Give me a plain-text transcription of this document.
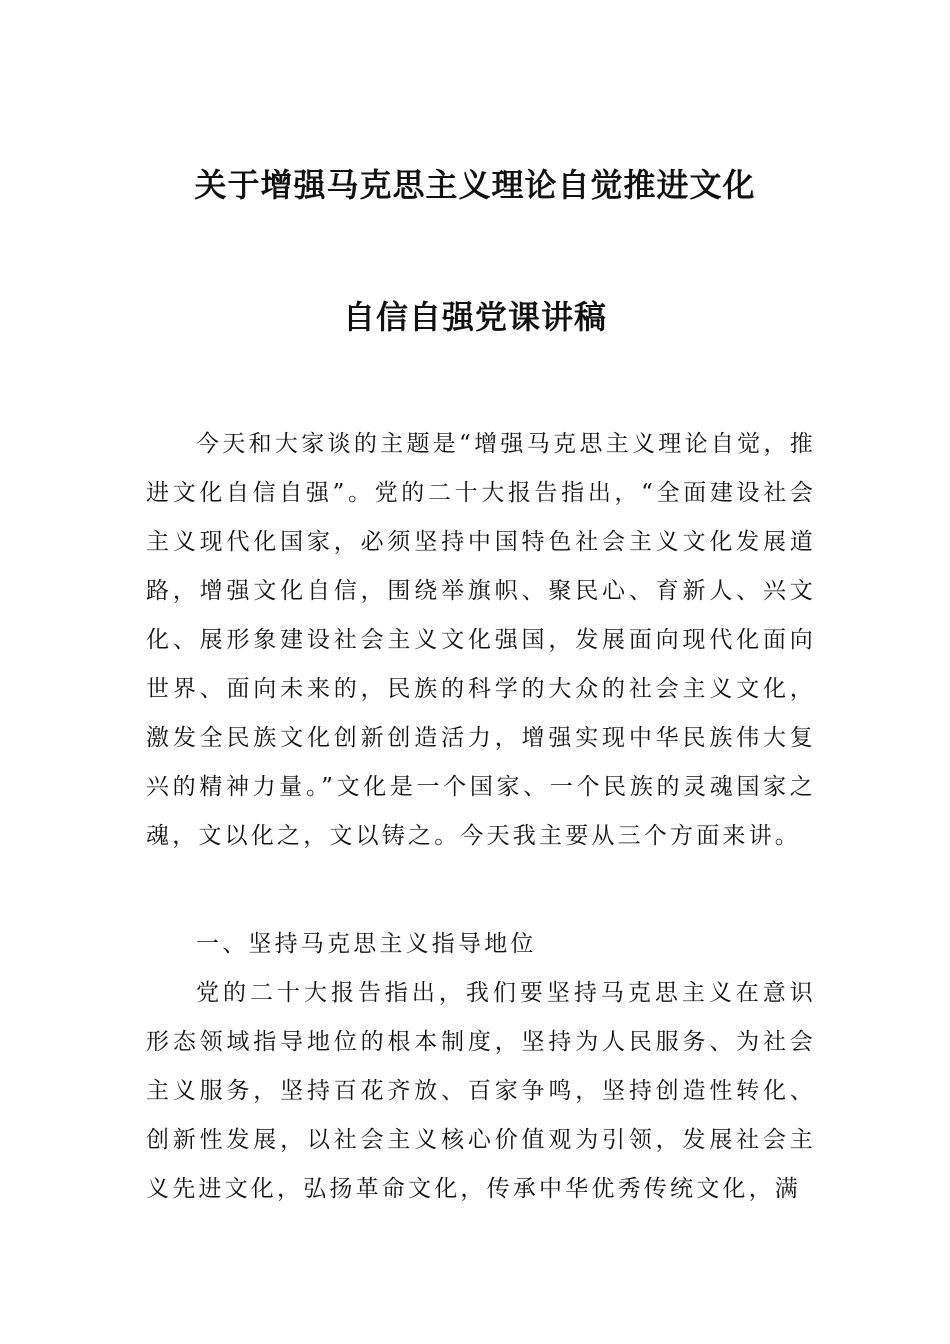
关于增强马克思主义理论自觉推进文化
自信自强党课讲稿
今天和大家谈的主题是“增强马克思主义理论自觉，推进文化自信自强”。党的二十大报告指出，“全面建设社会主义现代化国家，必须坚持中国特色社会主义文化发展道路，增强文化自信，围绕举旗帜、聚民心、育新人、兴文化、展形象建设社会主义文化强国，发展面向现代化面向世界、面向未来的，民族的科学的大众的社会主义文化，激发全民族文化创新创造活力，增强实现中华民族伟大复兴的精神力量。”文化是一个国家、一个民族的灵魂国家之魂，文以化之，文以铸之。今天我主要从三个方面来讲。
一、坚持马克思主义指导地位
党的二十大报告指出，我们要坚持马克思主义在意识形态领域指导地位的根本制度，坚持为人民服务、为社会主义服务，坚持百花齐放、百家争鸣，坚持创造性转化、创新性发展，以社会主义核心价值观为引领，发展社会主义先进文化，弘扬革命文化，传承中华优秀传统文化，满
